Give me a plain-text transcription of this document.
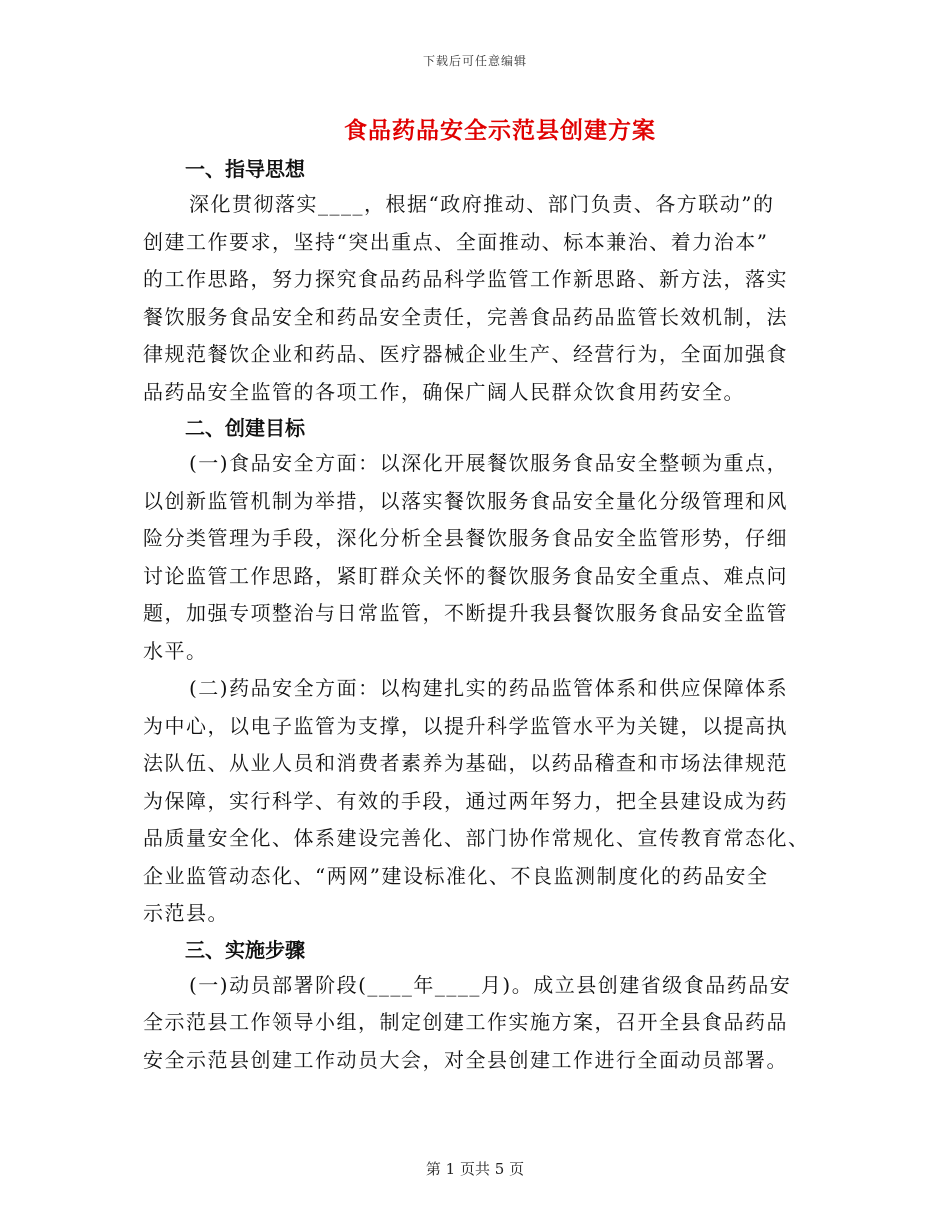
下载后可任意编辑
食品药品安全示范县创建方案
一、指导思想
深化贯彻落实____，根据“政府推动、部门负责、各方联动”的
创建工作要求，坚持“突出重点、全面推动、标本兼治、着力治本”
的工作思路，努力探究食品药品科学监管工作新思路、新方法，落实
餐饮服务食品安全和药品安全责任，完善食品药品监管长效机制，法
律规范餐饮企业和药品、医疗器械企业生产、经营行为，全面加强食
品药品安全监管的各项工作，确保广阔人民群众饮食用药安全。
二、创建目标
(一)食品安全方面：以深化开展餐饮服务食品安全整顿为重点，
以创新监管机制为举措，以落实餐饮服务食品安全量化分级管理和风
险分类管理为手段，深化分析全县餐饮服务食品安全监管形势，仔细
讨论监管工作思路，紧盯群众关怀的餐饮服务食品安全重点、难点问
题，加强专项整治与日常监管，不断提升我县餐饮服务食品安全监管
水平。
(二)药品安全方面：以构建扎实的药品监管体系和供应保障体系
为中心，以电子监管为支撑，以提升科学监管水平为关键，以提高执
法队伍、从业人员和消费者素养为基础，以药品稽查和市场法律规范
为保障，实行科学、有效的手段，通过两年努力，把全县建设成为药
品质量安全化、体系建设完善化、部门协作常规化、宣传教育常态化、
企业监管动态化、“两网”建设标准化、不良监测制度化的药品安全
示范县。
三、实施步骤
(一)动员部署阶段(____年____月)。成立县创建省级食品药品安
全示范县工作领导小组，制定创建工作实施方案，召开全县食品药品
安全示范县创建工作动员大会，对全县创建工作进行全面动员部署。
第 1 页共 5 页
